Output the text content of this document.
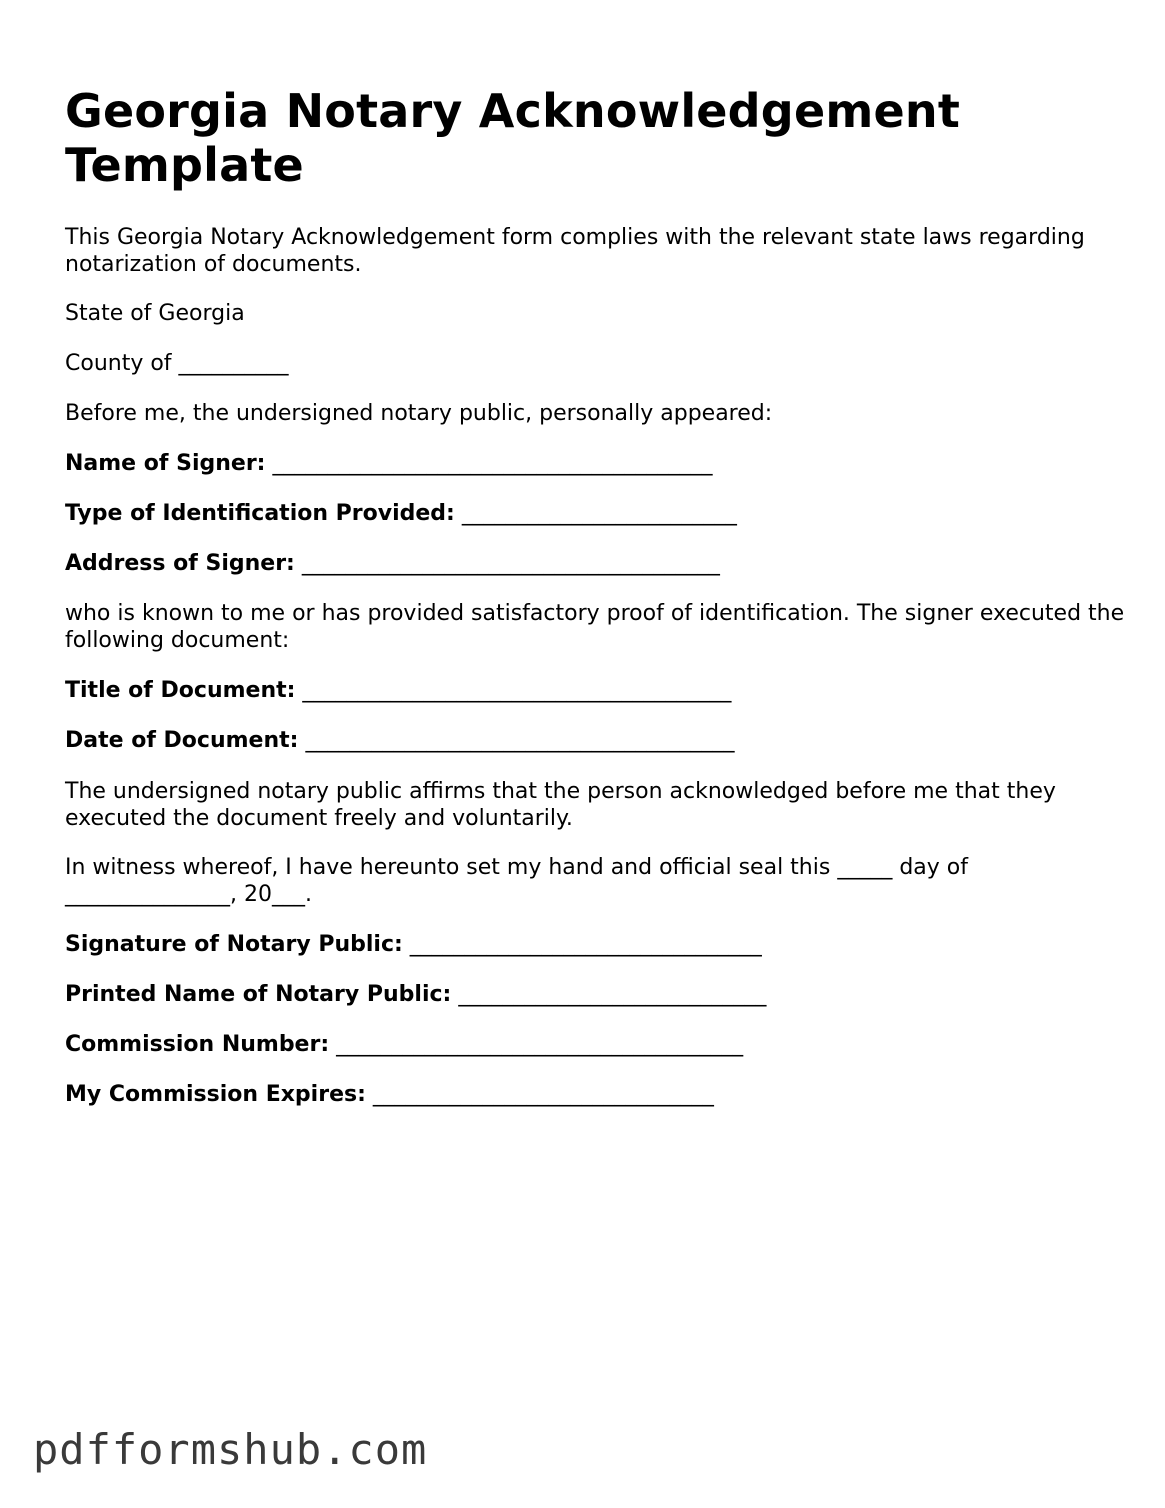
Georgia Notary Acknowledgement
Template

This Georgia Notary Acknowledgement form complies with the relevant state laws regarding notarization of documents.

State of Georgia

County of __________

Before me, the undersigned notary public, personally appeared:

Name of Signer: ________________________________________

Type of Identification Provided: _________________________

Address of Signer: ______________________________________

who is known to me or has provided satisfactory proof of identification. The signer executed the following document:

Title of Document: _______________________________________

Date of Document: _______________________________________

The undersigned notary public affirms that the person acknowledged before me that they executed the document freely and voluntarily.

In witness whereof, I have hereunto set my hand and official seal this _____ day of
_______________, 20___.

Signature of Notary Public: ________________________________

Printed Name of Notary Public: ____________________________

Commission Number: _____________________________________

My Commission Expires: _______________________________

pdfformshub.com
